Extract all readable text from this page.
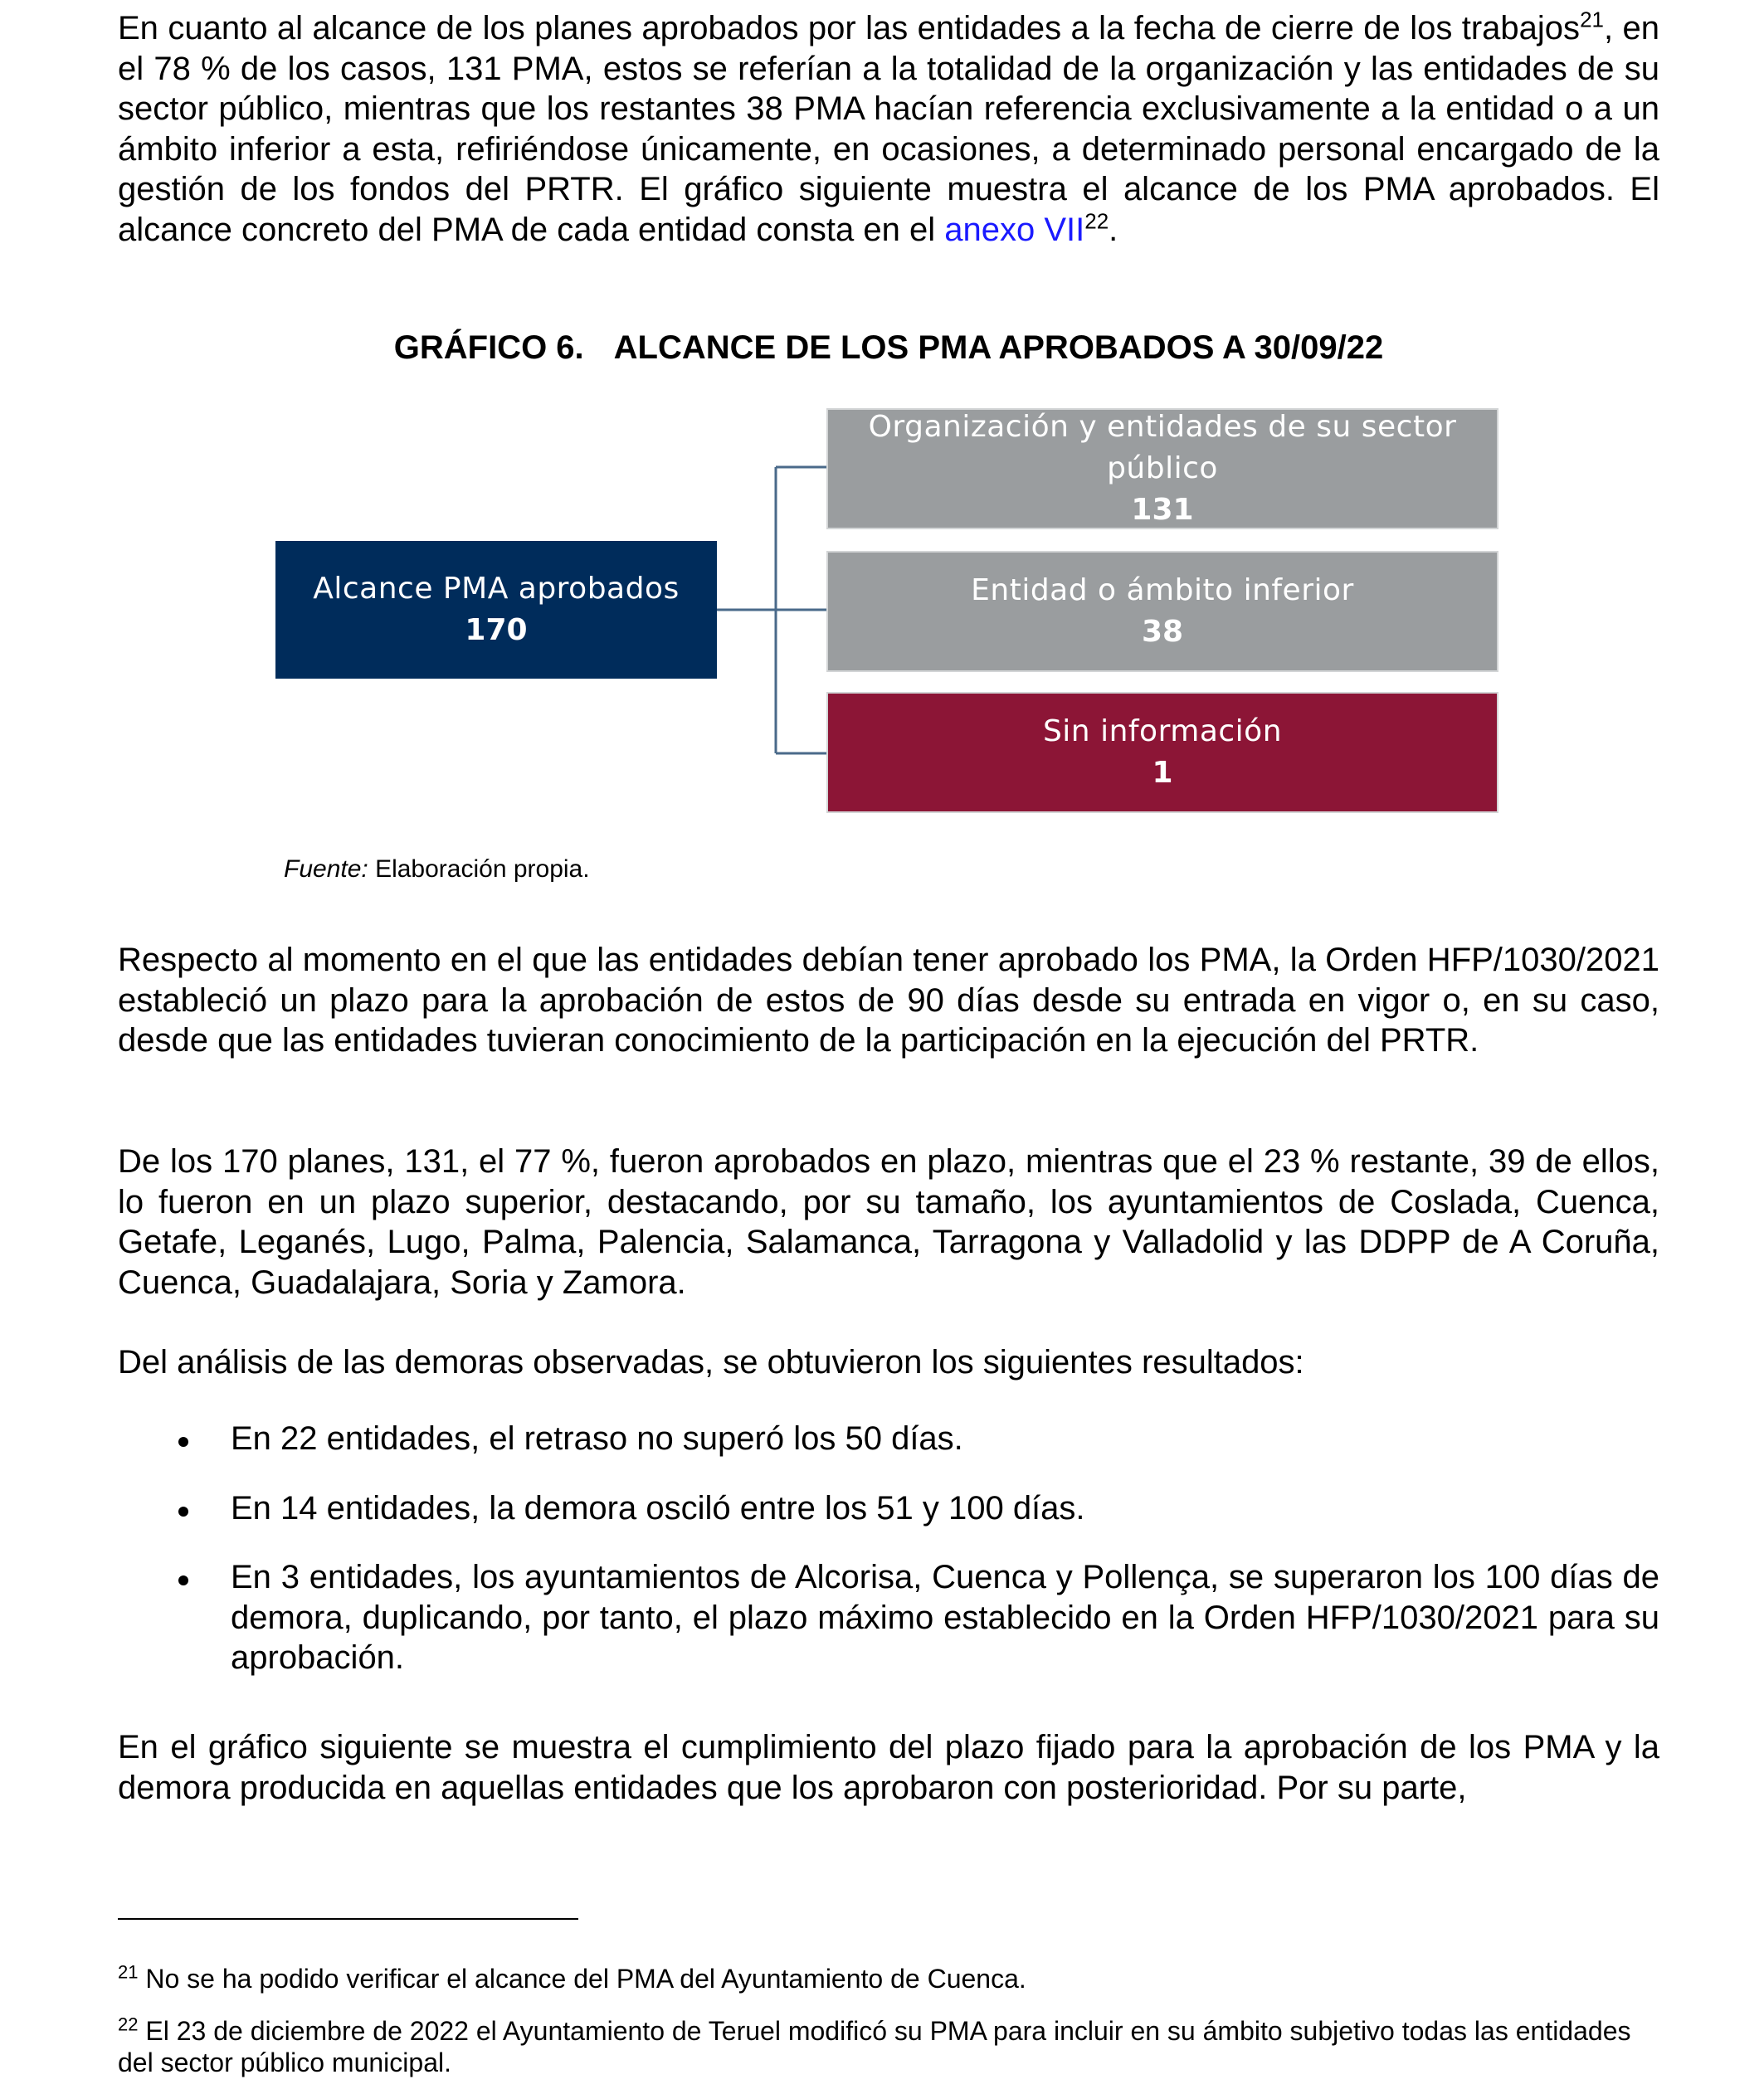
En cuanto al alcance de los planes aprobados por las entidades a la fecha de cierre de los trabajos$^{21}$, en el 78 % de los casos, 131 PMA, estos se referían a la totalidad de la organización y las entidades de su sector público, mientras que los restantes 38 PMA hacían referencia exclusivamente a la entidad o a un ámbito inferior a esta, refiriéndose únicamente, en ocasiones, a determinado personal encargado de la gestión de los fondos del PRTR. El gráfico siguiente muestra el alcance de los PMA aprobados. El alcance concreto del PMA de cada entidad consta en el anexo VII$^{22}$.

GRÁFICO 6. ALCANCE DE LOS PMA APROBADOS A 30/09/22
Alcance PMA aprobados
170
Organización y entidades de su sector público
131
Entidad o ámbito inferior
38
Sin información
1
Fuente: Elaboración propia.

Respecto al momento en el que las entidades debían tener aprobado los PMA, la Orden HFP/1030/2021 estableció un plazo para la aprobación de estos de 90 días desde su entrada en vigor o, en su caso, desde que las entidades tuvieran conocimiento de la participación en la ejecución del PRTR.

De los 170 planes, 131, el 77 %, fueron aprobados en plazo, mientras que el 23 % restante, 39 de ellos, lo fueron en un plazo superior, destacando, por su tamaño, los ayuntamientos de Coslada, Cuenca, Getafe, Leganés, Lugo, Palma, Palencia, Salamanca, Tarragona y Valladolid y las DDPP de A Coruña, Cuenca, Guadalajara, Soria y Zamora.

Del análisis de las demoras observadas, se obtuvieron los siguientes resultados:

En 22 entidades, el retraso no superó los 50 días.
En 14 entidades, la demora osciló entre los 51 y 100 días.
En 3 entidades, los ayuntamientos de Alcorisa, Cuenca y Pollença, se superaron los 100 días de demora, duplicando, por tanto, el plazo máximo establecido en la Orden HFP/1030/2021 para su aprobación.

En el gráfico siguiente se muestra el cumplimiento del plazo fijado para la aprobación de los PMA y la demora producida en aquellas entidades que los aprobaron con posterioridad. Por su parte,

$^{21}$ No se ha podido verificar el alcance del PMA del Ayuntamiento de Cuenca.

$^{22}$ El 23 de diciembre de 2022 el Ayuntamiento de Teruel modificó su PMA para incluir en su ámbito subjetivo todas las entidades del sector público municipal.
